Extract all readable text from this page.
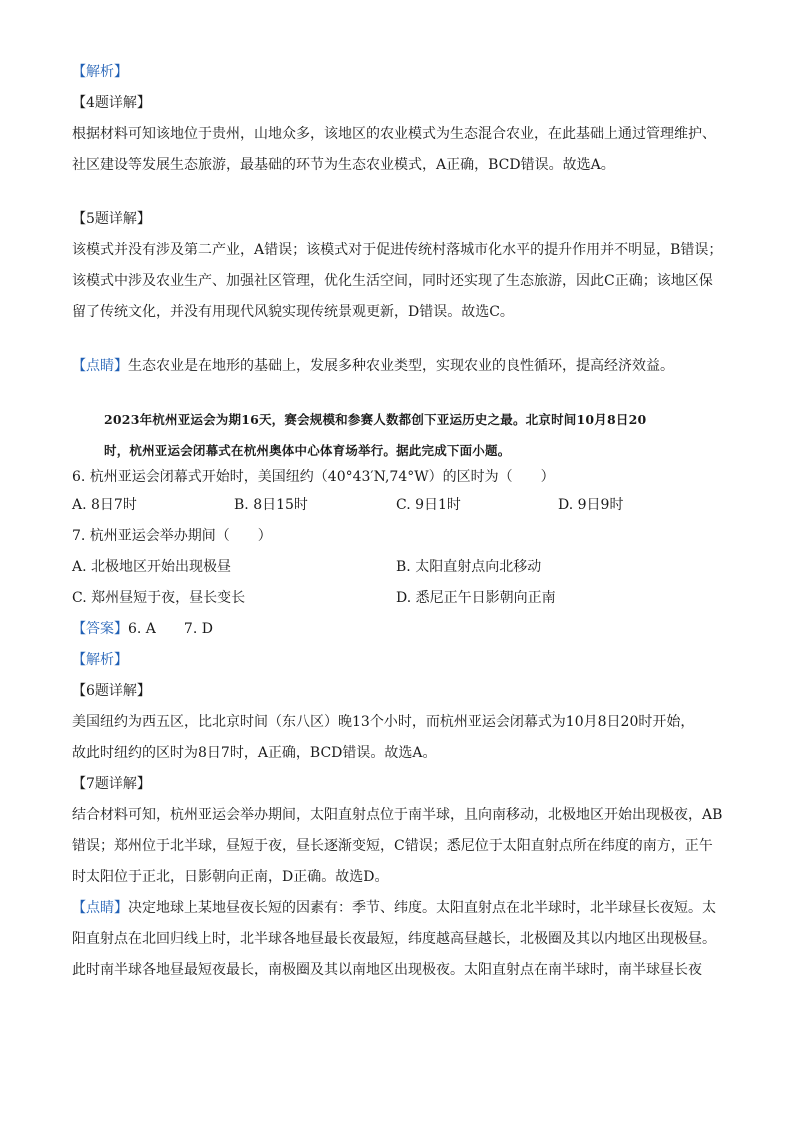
【解析】

【4题详解】

根据材料可知该地位于贵州，山地众多，该地区的农业模式为生态混合农业，在此基础上通过管理维护、

社区建设等发展生态旅游，最基础的环节为生态农业模式，A正确，BCD错误。故选A。

【5题详解】

该模式并没有涉及第二产业，A错误；该模式对于促进传统村落城市化水平的提升作用并不明显，B错误；

该模式中涉及农业生产、加强社区管理，优化生活空间，同时还实现了生态旅游，因此C正确；该地区保

留了传统文化，并没有用现代风貌实现传统景观更新，D错误。故选C。

【点睛】生态农业是在地形的基础上，发展多种农业类型，实现农业的良性循环，提高经济效益。

2023年杭州亚运会为期16天，赛会规模和参赛人数都创下亚运历史之最。北京时间10月8日20

时，杭州亚运会闭幕式在杭州奥体中心体育场举行。据此完成下面小题。

6. 杭州亚运会闭幕式开始时，美国纽约（40°43′N,74°W）的区时为（　　）

A. 8日7时	B. 8日15时	C. 9日1时	D. 9日9时

7. 杭州亚运会举办期间（　　）

A. 北极地区开始出现极昼	B. 太阳直射点向北移动
C. 郑州昼短于夜，昼长变长	D. 悉尼正午日影朝向正南

【答案】6. A　　7. D

【解析】

【6题详解】

美国纽约为西五区，比北京时间（东八区）晚13个小时，而杭州亚运会闭幕式为10月8日20时开始，

故此时纽约的区时为8日7时，A正确，BCD错误。故选A。

【7题详解】

结合材料可知，杭州亚运会举办期间，太阳直射点位于南半球，且向南移动，北极地区开始出现极夜，AB

错误；郑州位于北半球，昼短于夜，昼长逐渐变短，C错误；悉尼位于太阳直射点所在纬度的南方，正午

时太阳位于正北，日影朝向正南，D正确。故选D。

【点睛】决定地球上某地昼夜长短的因素有：季节、纬度。太阳直射点在北半球时，北半球昼长夜短。太

阳直射点在北回归线上时，北半球各地昼最长夜最短，纬度越高昼越长，北极圈及其以内地区出现极昼。

此时南半球各地昼最短夜最长，南极圈及其以南地区出现极夜。太阳直射点在南半球时，南半球昼长夜
